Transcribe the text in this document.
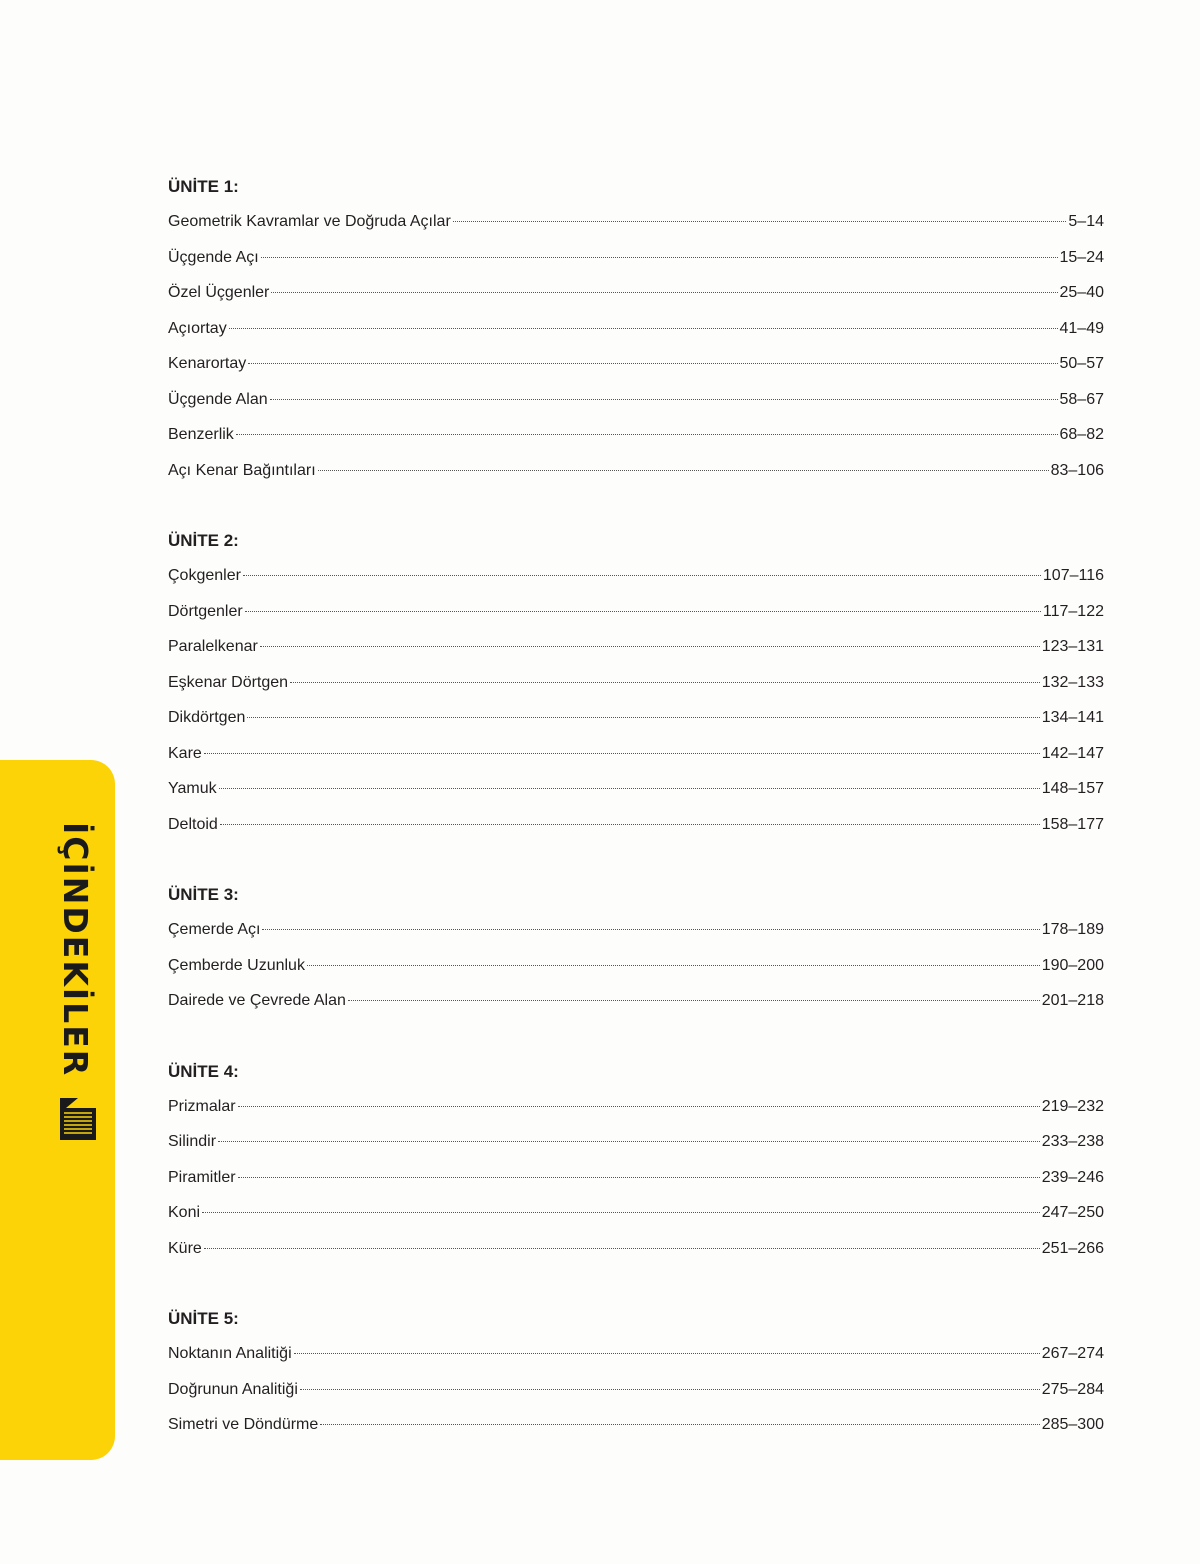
İÇİNDEKİLER
ÜNİTE 1:
Geometrik Kavramlar ve Doğruda Açılar	5–14
Üçgende Açı	15–24
Özel Üçgenler	25–40
Açıortay	41–49
Kenarortay	50–57
Üçgende Alan	58–67
Benzerlik	68–82
Açı Kenar Bağıntıları	83–106
ÜNİTE 2:
Çokgenler	107–116
Dörtgenler	117–122
Paralelkenar	123–131
Eşkenar Dörtgen	132–133
Dikdörtgen	134–141
Kare	142–147
Yamuk	148–157
Deltoid	158–177
ÜNİTE 3:
Çemerde Açı	178–189
Çemberde Uzunluk	190–200
Dairede ve Çevrede Alan	201–218
ÜNİTE 4:
Prizmalar	219–232
Silindir	233–238
Piramitler	239–246
Koni	247–250
Küre	251–266
ÜNİTE 5:
Noktanın Analitiği	267–274
Doğrunun Analitiği	275–284
Simetri ve Döndürme	285–300
